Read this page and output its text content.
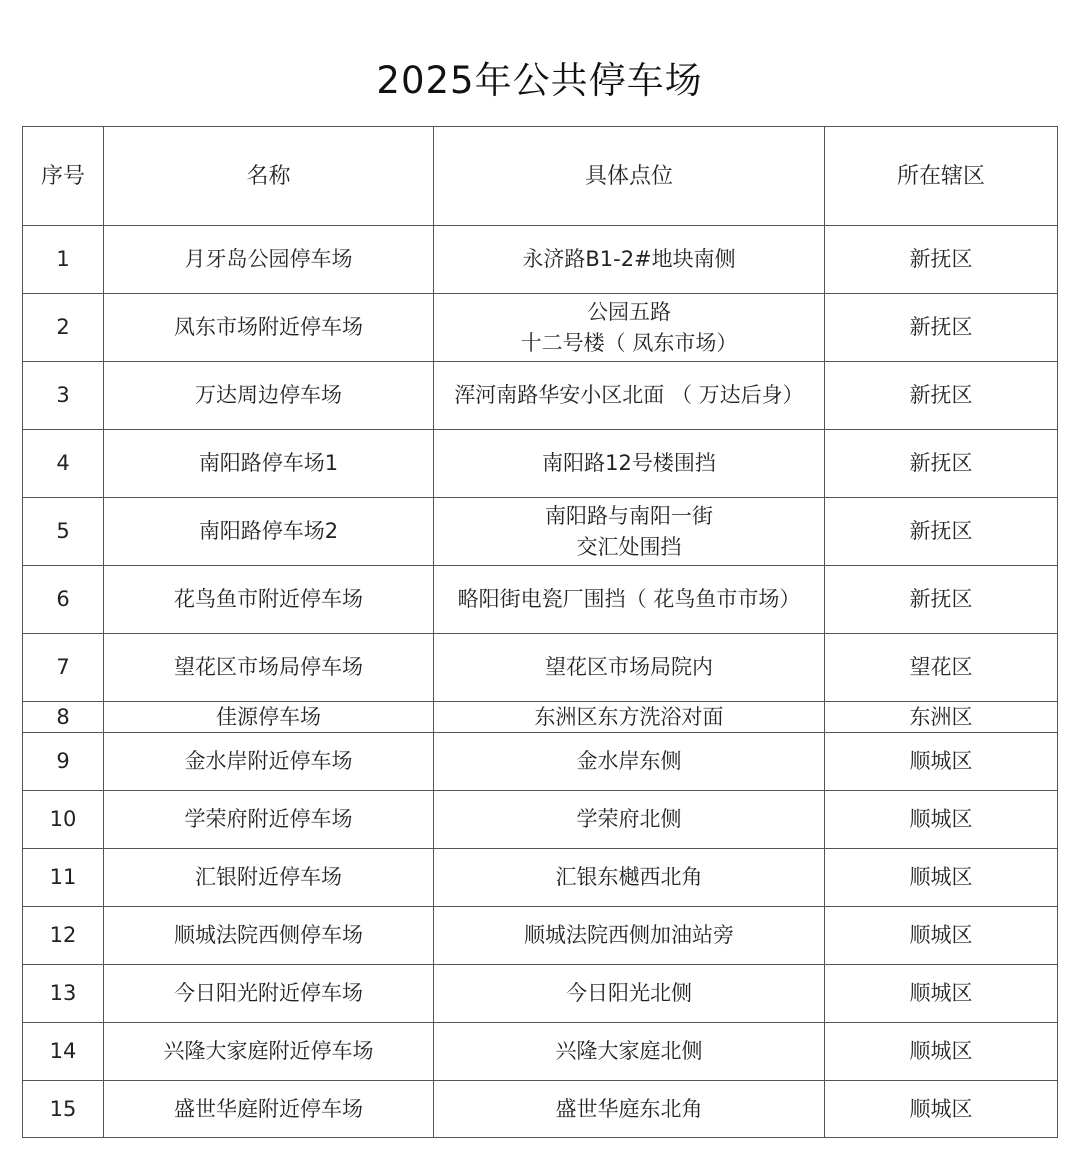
2025年公共停车场
序号	名称	具体点位	所在辖区
1	月牙岛公园停车场	永济路B1-2#地块南侧	新抚区
2	凤东市场附近停车场	公园五路
十二号楼（ 凤东市场）	新抚区
3	万达周边停车场	浑河南路华安小区北面 （ 万达后身）	新抚区
4	南阳路停车场1	南阳路12号楼围挡	新抚区
5	南阳路停车场2	南阳路与南阳一街
交汇处围挡	新抚区
6	花鸟鱼市附近停车场	略阳街电瓷厂围挡（ 花鸟鱼市市场）	新抚区
7	望花区市场局停车场	望花区市场局院内	望花区
8	佳源停车场	东洲区东方洗浴对面	东洲区
9	金水岸附近停车场	金水岸东侧	顺城区
10	学荣府附近停车场	学荣府北侧	顺城区
11	汇银附近停车场	汇银东樾西北角	顺城区
12	顺城法院西侧停车场	顺城法院西侧加油站旁	顺城区
13	今日阳光附近停车场	今日阳光北侧	顺城区
14	兴隆大家庭附近停车场	兴隆大家庭北侧	顺城区
15	盛世华庭附近停车场	盛世华庭东北角	顺城区
